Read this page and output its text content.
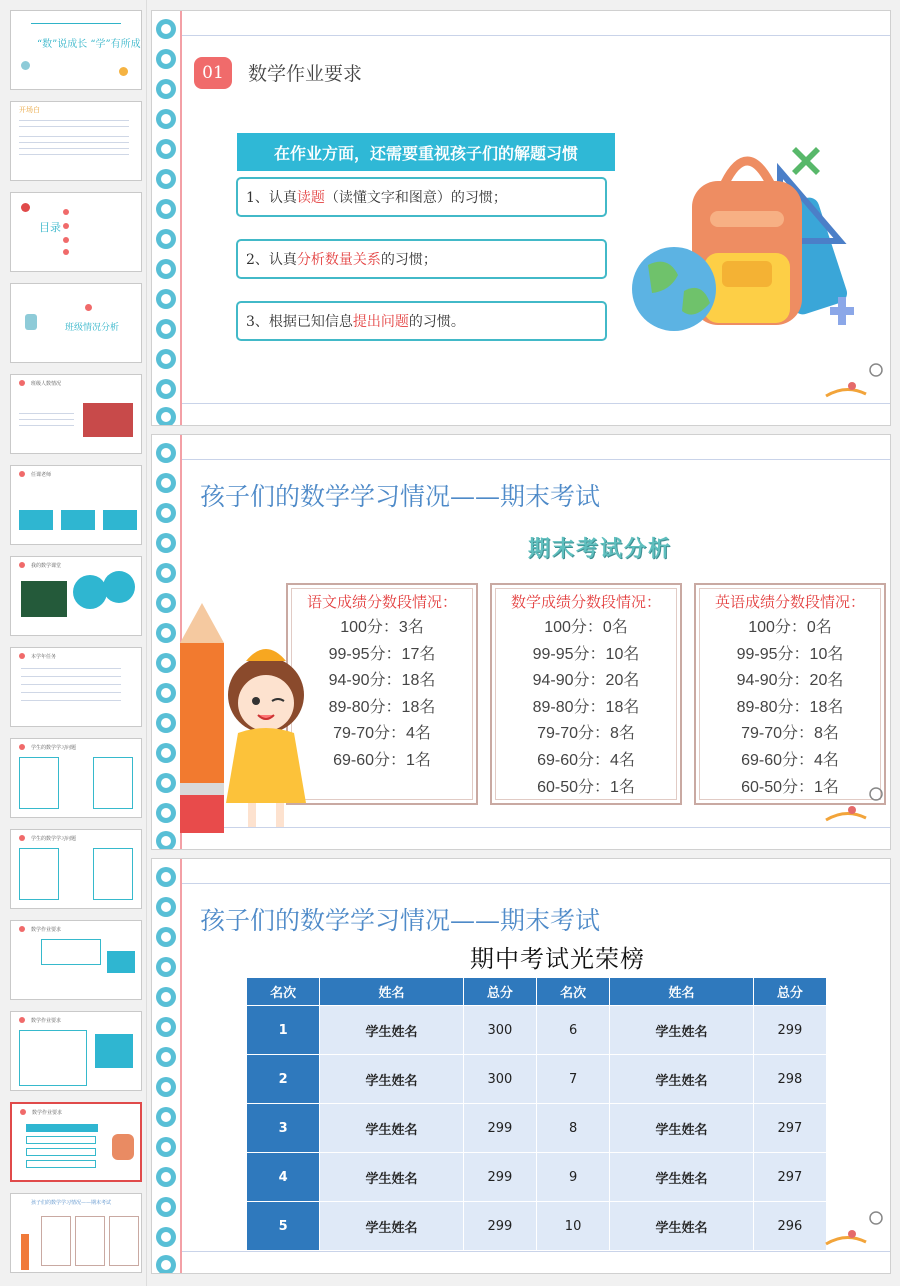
“数”说成长 “学”有所成
开场白
目录
班级情况分析
班级人数情况
任课老师
我的数学课堂
本学年任务
学生的数学学习问题
学生的数学学习问题
数学作业要求
数学作业要求
数学作业要求
孩子们的数学学习情况——期末考试
01	数学作业要求
在作业方面，还需要重视孩子们的解题习惯
1、认真 读题 （读懂文字和图意）的习惯；
2、认真 分析数量关系 的习惯；
3、根据已知信息 提出问题 的习惯。
孩子们的数学学习情况——期末考试
期末考试分析
语文成绩分数段情况：
100分：3名
99-95分：17名
94-90分：18名
89-80分：18名
79-70分：4名
69-60分：1名
数学成绩分数段情况：
100分：0名
99-95分：10名
94-90分：20名
89-80分：18名
79-70分：8名
69-60分：4名
60-50分：1名
英语成绩分数段情况：
100分：0名
99-95分：10名
94-90分：20名
89-80分：18名
79-70分：8名
69-60分：4名
60-50分：1名
孩子们的数学学习情况——期末考试
期中考试光荣榜
名次	姓名	总分	名次	姓名	总分
1	学生姓名	300	6	学生姓名	299
2	学生姓名	300	7	学生姓名	298
3	学生姓名	299	8	学生姓名	297
4	学生姓名	299	9	学生姓名	297
5	学生姓名	299	10	学生姓名	296
